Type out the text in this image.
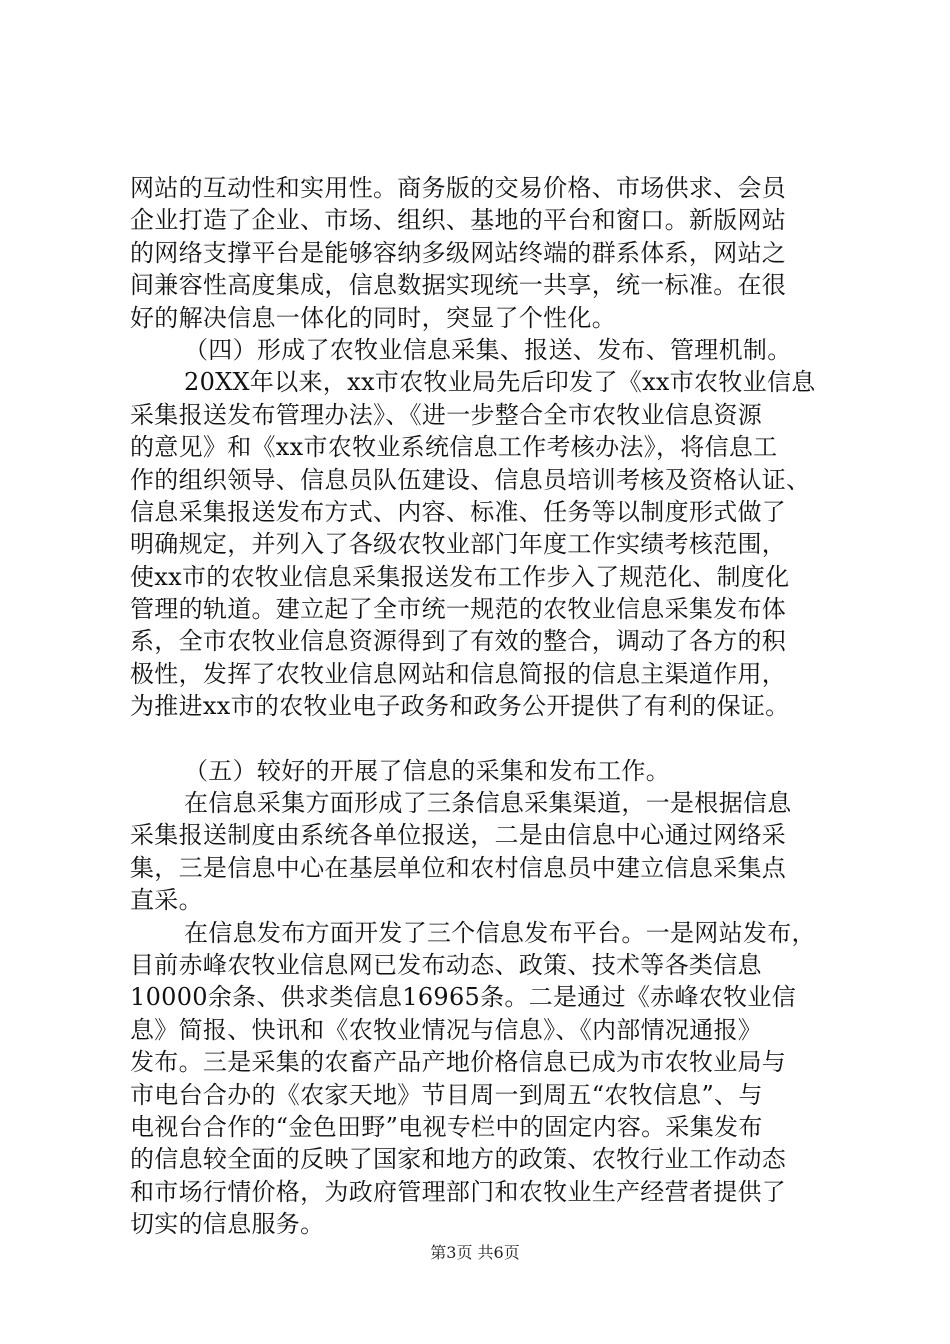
网站的互动性和实用性。商务版的交易价格、市场供求、会员
企业打造了企业、市场、组织、基地的平台和窗口。新版网站
的网络支撑平台是能够容纳多级网站终端的群系体系，网站之
间兼容性高度集成，信息数据实现统一共享，统一标准。在很
好的解决信息一体化的同时，突显了个性化。
（四）形成了农牧业信息采集、报送、发布、管理机制。
20XX年以来，xx市农牧业局先后印发了《xx市农牧业信息
采集报送发布管理办法》、《进一步整合全市农牧业信息资源
的意见》和《xx市农牧业系统信息工作考核办法》，将信息工
作的组织领导、信息员队伍建设、信息员培训考核及资格认证、
信息采集报送发布方式、内容、标准、任务等以制度形式做了
明确规定，并列入了各级农牧业部门年度工作实绩考核范围，
使xx市的农牧业信息采集报送发布工作步入了规范化、制度化
管理的轨道。建立起了全市统一规范的农牧业信息采集发布体
系，全市农牧业信息资源得到了有效的整合，调动了各方的积
极性，发挥了农牧业信息网站和信息简报的信息主渠道作用，
为推进xx市的农牧业电子政务和政务公开提供了有利的保证。
（五）较好的开展了信息的采集和发布工作。
在信息采集方面形成了三条信息采集渠道，一是根据信息
采集报送制度由系统各单位报送，二是由信息中心通过网络采
集，三是信息中心在基层单位和农村信息员中建立信息采集点
直采。
在信息发布方面开发了三个信息发布平台。一是网站发布，
目前赤峰农牧业信息网已发布动态、政策、技术等各类信息
10000余条、供求类信息16965条。二是通过《赤峰农牧业信
息》简报、快讯和《农牧业情况与信息》、《内部情况通报》
发布。三是采集的农畜产品产地价格信息已成为市农牧业局与
市电台合办的《农家天地》节目周一到周五“农牧信息”、与
电视台合作的“金色田野”电视专栏中的固定内容。采集发布
的信息较全面的反映了国家和地方的政策、农牧行业工作动态
和市场行情价格，为政府管理部门和农牧业生产经营者提供了
切实的信息服务。
第3页 共6页
